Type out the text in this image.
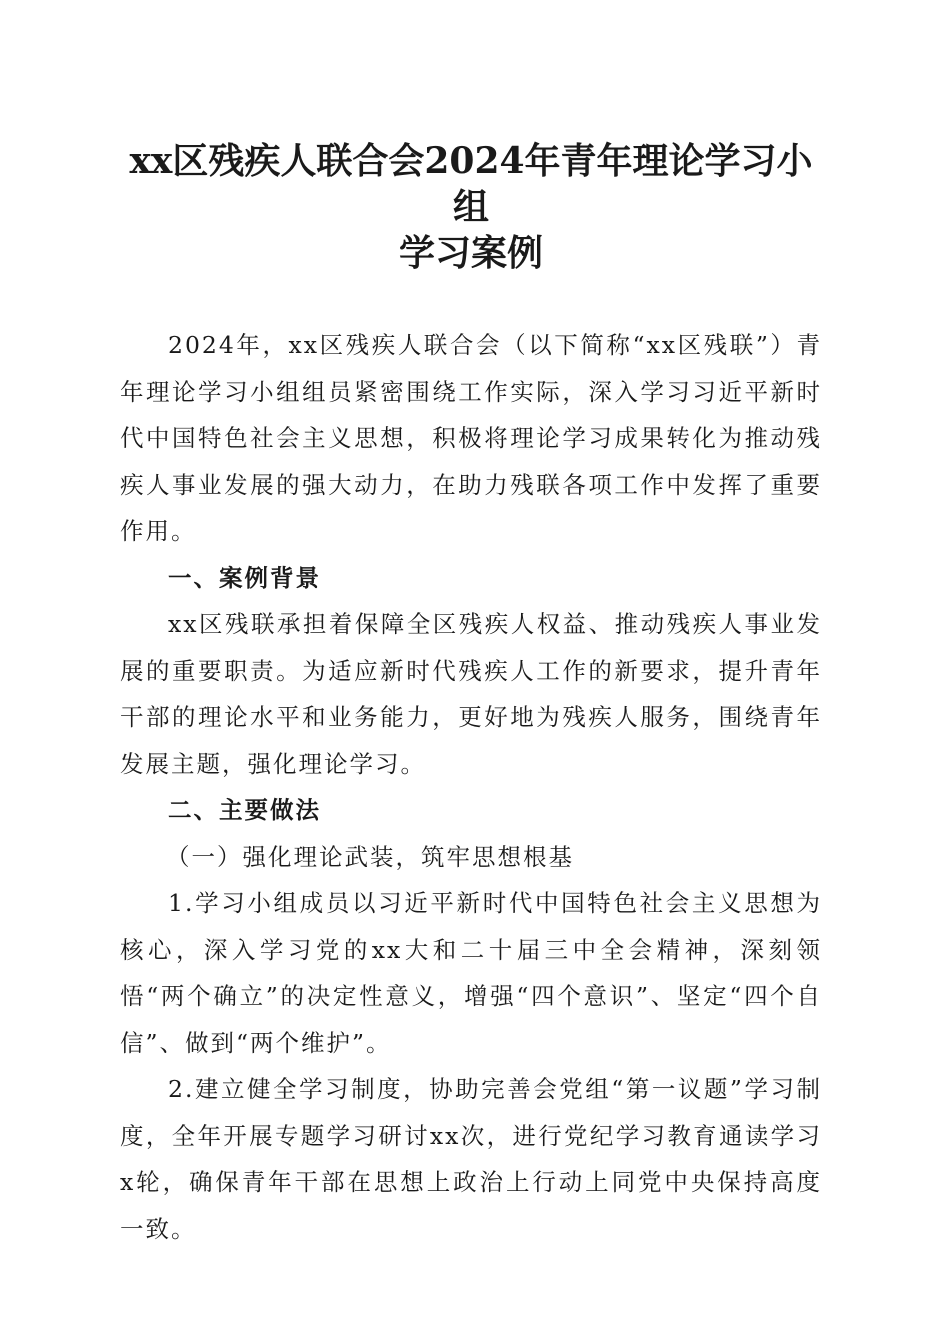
xx区残疾人联合会2024年青年理论学习小组
学习案例

2024年，xx区残疾人联合会（以下简称“xx区残联”）青年理论学习小组组员紧密围绕工作实际，深入学习习近平新时代中国特色社会主义思想，积极将理论学习成果转化为推动残疾人事业发展的强大动力，在助力残联各项工作中发挥了重要作用。

一、案例背景

xx区残联承担着保障全区残疾人权益、推动残疾人事业发展的重要职责。为适应新时代残疾人工作的新要求，提升青年干部的理论水平和业务能力，更好地为残疾人服务，围绕青年发展主题，强化理论学习。

二、主要做法

（一）强化理论武装，筑牢思想根基

1.学习小组成员以习近平新时代中国特色社会主义思想为核心，深入学习党的xx大和二十届三中全会精神，深刻领悟“两个确立”的决定性意义，增强“四个意识”、坚定“四个自信”、做到“两个维护”。

2.建立健全学习制度，协助完善会党组“第一议题”学习制度，全年开展专题学习研讨xx次，进行党纪学习教育通读学习x轮，确保青年干部在思想上政治上行动上同党中央保持高度一致。
